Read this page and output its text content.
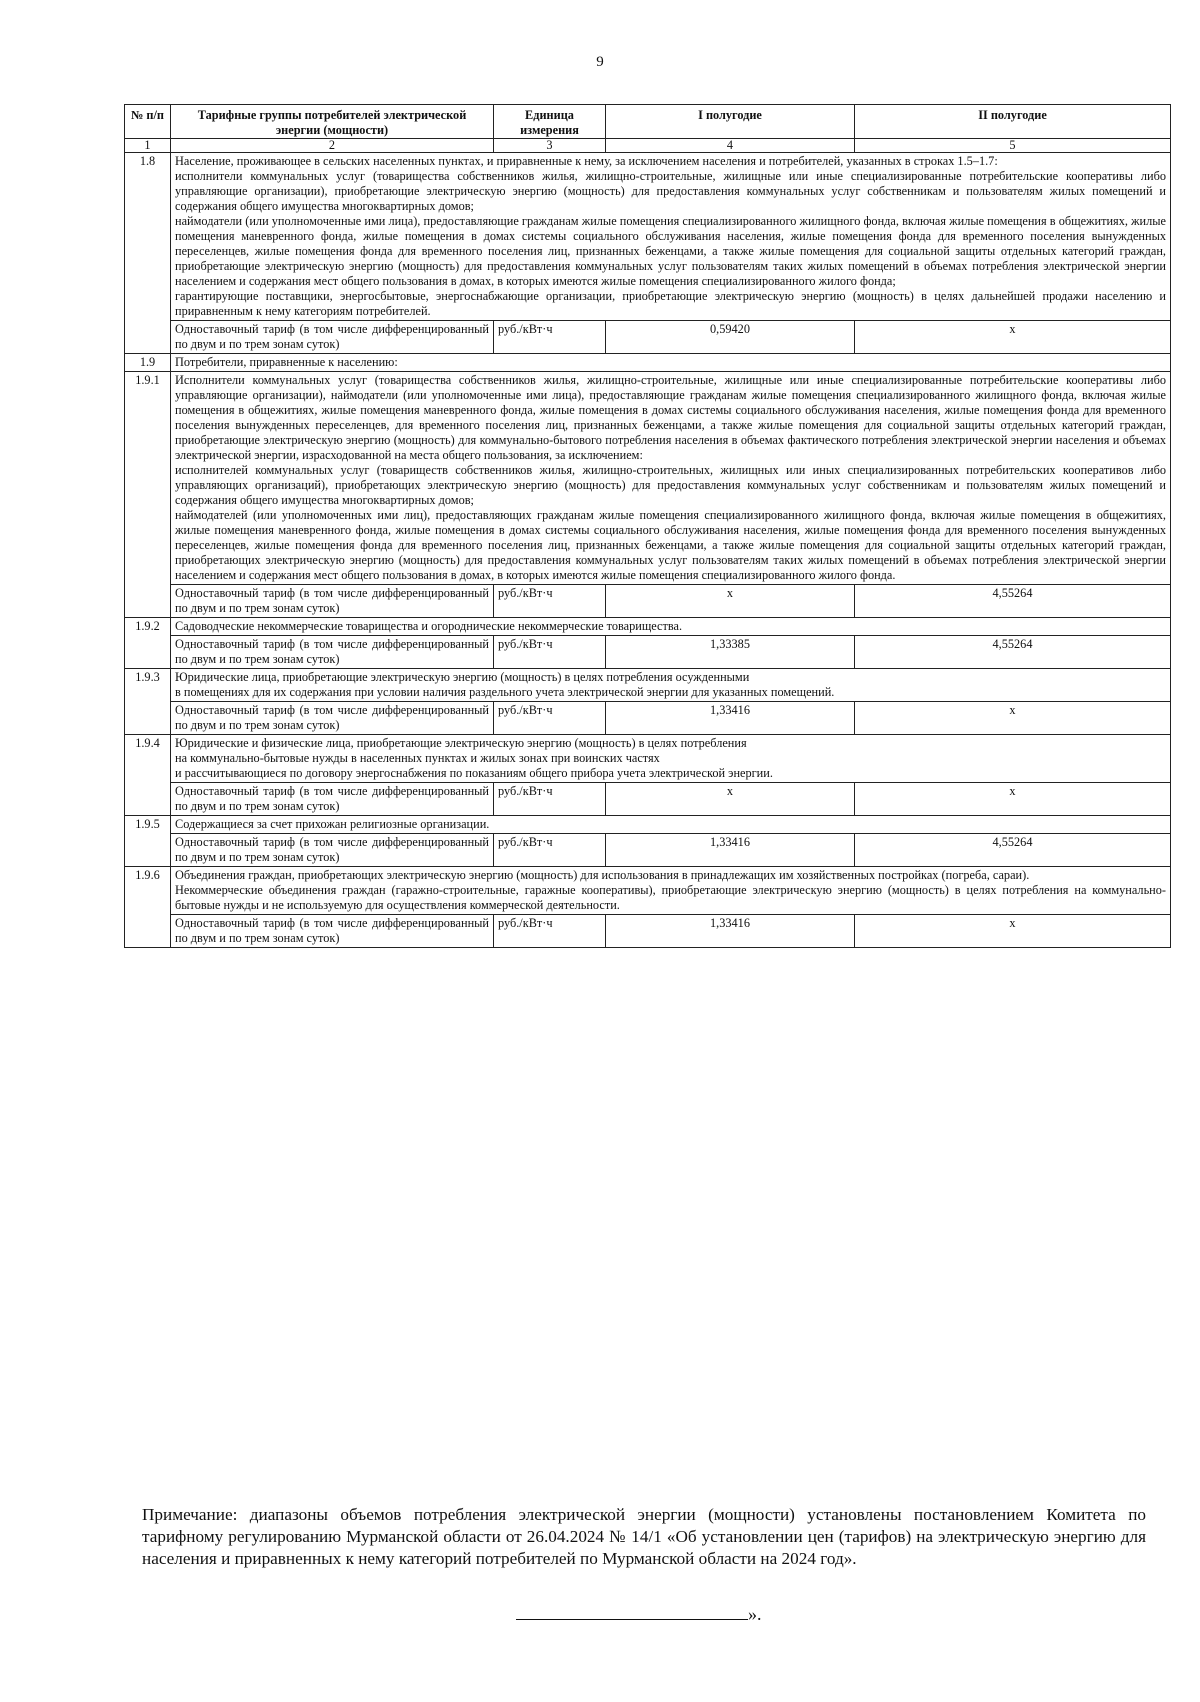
9
№ п/п	Тарифные группы потребителей электрической энергии (мощности)	Единица измерения	I полугодие	II полугодие
1	2	3	4	5
1.8	Население, проживающее в сельских населенных пунктах, и приравненные к нему, за исключением населения и потребителей, указанных в строках 1.5–1.7:

исполнители коммунальных услуг (товарищества собственников жилья, жилищно-строительные, жилищные или иные специализированные потребительские кооперативы либо управляющие организации), приобретающие электрическую энергию (мощность) для предоставления коммунальных услуг собственникам и пользователям жилых помещений и содержания общего имущества многоквартирных домов;

наймодатели (или уполномоченные ими лица), предоставляющие гражданам жилые помещения специализированного жилищного фонда, включая жилые помещения в общежитиях, жилые помещения маневренного фонда, жилые помещения в домах системы социального обслуживания населения, жилые помещения фонда для временного поселения вынужденных переселенцев, жилые помещения фонда для временного поселения лиц, признанных беженцами, а также жилые помещения для социальной защиты отдельных категорий граждан, приобретающие электрическую энергию (мощность) для предоставления коммунальных услуг пользователям таких жилых помещений в объемах потребления электрической энергии населением и содержания мест общего пользования в домах, в которых имеются жилые помещения специализированного жилого фонда;

гарантирующие поставщики, энергосбытовые, энергоснабжающие организации, приобретающие электрическую энергию (мощность) в целях дальнейшей продажи населению и приравненным к нему категориям потребителей.			

	Одноставочный тариф (в том числе дифференцированный по двум и по трем зонам суток)	руб./кВт·ч	0,59420	x
1.9	Потребители, приравненные к населению:			

1.9.1	Исполнители коммунальных услуг (товарищества собственников жилья, жилищно-строительные, жилищные или иные специализированные потребительские кооперативы либо управляющие организации), наймодатели (или уполномоченные ими лица), предоставляющие гражданам жилые помещения специализированного жилищного фонда, включая жилые помещения в общежитиях, жилые помещения маневренного фонда, жилые помещения в домах системы социального обслуживания населения, жилые помещения фонда для временного поселения вынужденных переселенцев, для временного поселения лиц, признанных беженцами, а также жилые помещения для социальной защиты отдельных категорий граждан, приобретающие электрическую энергию (мощность) для коммунально-бытового потребления населения в объемах фактического потребления электрической энергии населения и объемах электрической энергии, израсходованной на места общего пользования, за исключением:

исполнителей коммунальных услуг (товариществ собственников жилья, жилищно-строительных, жилищных или иных специализированных потребительских кооперативов либо управляющих организаций), приобретающих электрическую энергию (мощность) для предоставления коммунальных услуг собственникам и пользователям жилых помещений и содержания общего имущества многоквартирных домов;

наймодателей (или уполномоченных ими лиц), предоставляющих гражданам жилые помещения специализированного жилищного фонда, включая жилые помещения в общежитиях, жилые помещения маневренного фонда, жилые помещения в домах системы социального обслуживания населения, жилые помещения фонда для временного поселения вынужденных переселенцев, жилые помещения фонда для временного поселения лиц, признанных беженцами, а также жилые помещения для социальной защиты отдельных категорий граждан, приобретающих электрическую энергию (мощность) для предоставления коммунальных услуг пользователям таких жилых помещений в объемах потребления электрической энергии населением и содержания мест общего пользования в домах, в которых имеются жилые помещения специализированного жилого фонда.			

	Одноставочный тариф (в том числе дифференцированный по двум и по трем зонам суток)	руб./кВт·ч	x	4,55264
1.9.2	Садоводческие некоммерческие товарищества и огороднические некоммерческие товарищества.			

	Одноставочный тариф (в том числе дифференцированный по двум и по трем зонам суток)	руб./кВт·ч	1,33385	4,55264
1.9.3	Юридические лица, приобретающие электрическую энергию (мощность) в целях потребления осужденными

в помещениях для их содержания при условии наличия раздельного учета электрической энергии для указанных помещений.			

	Одноставочный тариф (в том числе дифференцированный по двум и по трем зонам суток)	руб./кВт·ч	1,33416	x
1.9.4	Юридические и физические лица, приобретающие электрическую энергию (мощность) в целях потребления

на коммунально-бытовые нужды в населенных пунктах и жилых зонах при воинских частях

и рассчитывающиеся по договору энергоснабжения по показаниям общего прибора учета электрической энергии.			

	Одноставочный тариф (в том числе дифференцированный по двум и по трем зонам суток)	руб./кВт·ч	x	x
1.9.5	Содержащиеся за счет прихожан религиозные организации.			

	Одноставочный тариф (в том числе дифференцированный по двум и по трем зонам суток)	руб./кВт·ч	1,33416	4,55264
1.9.6	Объединения граждан, приобретающих электрическую энергию (мощность) для использования в принадлежащих им хозяйственных постройках (погреба, сараи).

Некоммерческие объединения граждан (гаражно-строительные, гаражные кооперативы), приобретающие электрическую энергию (мощность) в целях потребления на коммунально-бытовые нужды и не используемую для осуществления коммерческой деятельности.			

	Одноставочный тариф (в том числе дифференцированный по двум и по трем зонам суток)	руб./кВт·ч	1,33416	x

Примечание: диапазоны объемов потребления электрической энергии (мощности) установлены постановлением Комитета по тарифному регулированию Мурманской области от 26.04.2024 № 14/1 «Об установлении цен (тарифов) на электрическую энергию для населения и приравненных к нему категорий потребителей по Мурманской области на 2024 год».

».
